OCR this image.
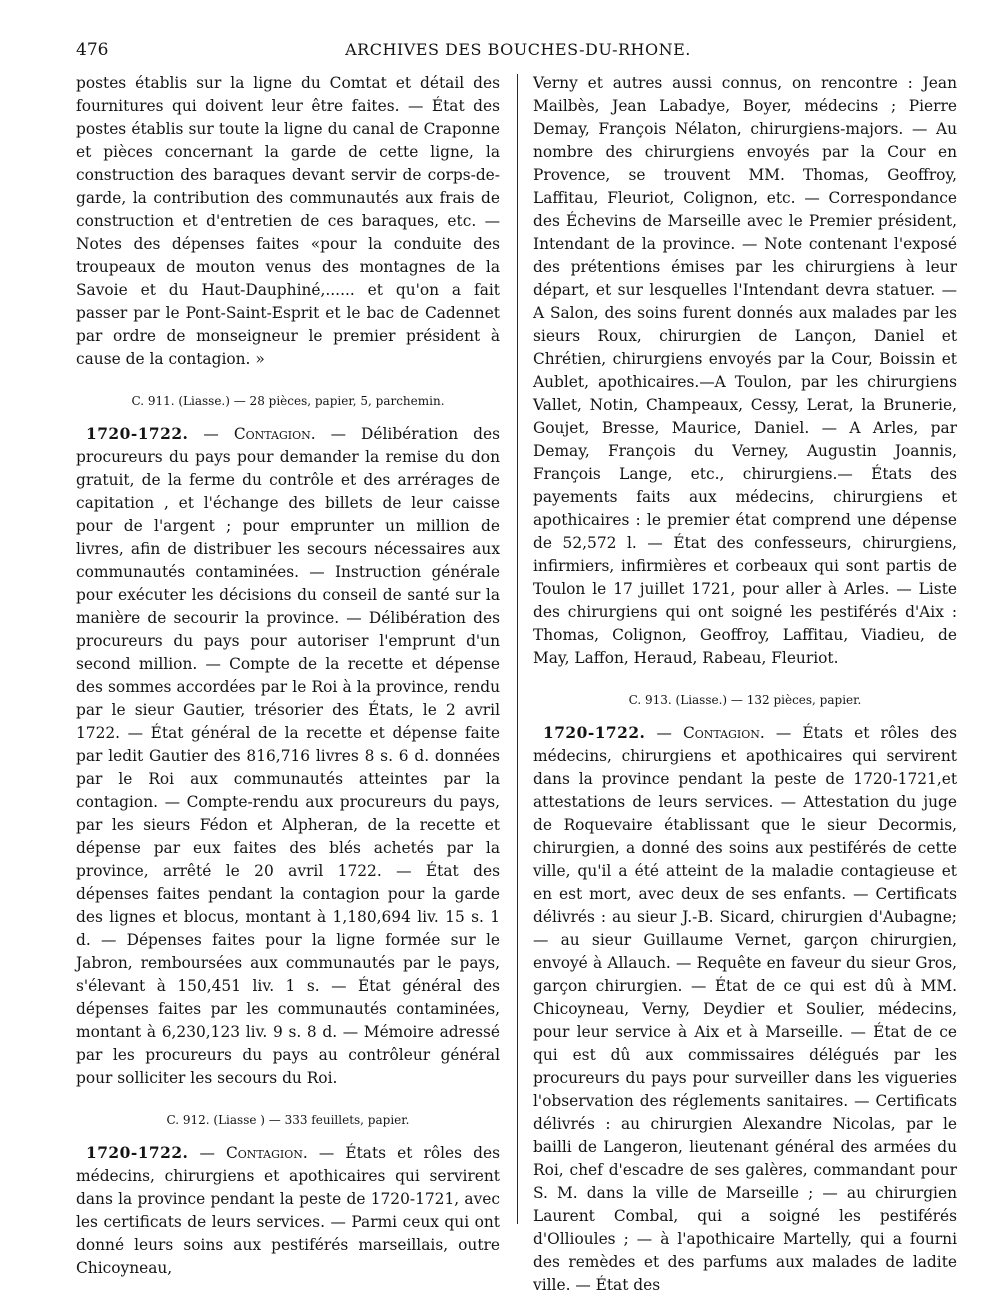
476	ARCHIVES DES BOUCHES-DU-RHONE.

postes établis sur la ligne du Comtat et détail des fournitures qui doivent leur être faites. — État des postes établis sur toute la ligne du canal de Craponne et pièces concernant la garde de cette ligne, la construction des baraques devant servir de corps-de-garde, la contribution des communautés aux frais de construction et d'entretien de ces baraques, etc. — Notes des dépenses faites «pour la conduite des troupeaux de mouton venus des montagnes de la Savoie et du Haut-Dauphiné,...... et qu'on a fait passer par le Pont-Saint-Esprit et le bac de Cadennet par ordre de monseigneur le premier président à cause de la contagion. »

C. 911. (Liasse.) — 28 pièces, papier, 5, parchemin.

1720-1722. — Contagion. — Délibération des procureurs du pays pour demander la remise du don gratuit, de la ferme du contrôle et des arrérages de capitation , et l'échange des billets de leur caisse pour de l'argent ; pour emprunter un million de livres, afin de distribuer les secours nécessaires aux communautés contaminées. — Instruction générale pour exécuter les décisions du conseil de santé sur la manière de secourir la province. — Délibération des procureurs du pays pour autoriser l'emprunt d'un second million. — Compte de la recette et dépense des sommes accordées par le Roi à la province, rendu par le sieur Gautier, trésorier des États, le 2 avril 1722. — État général de la recette et dépense faite par ledit Gautier des 816,716 livres 8 s. 6 d. données par le Roi aux communautés atteintes par la contagion. — Compte-rendu aux procureurs du pays, par les sieurs Fédon et Alpheran, de la recette et dépense par eux faites des blés achetés par la province, arrêté le 20 avril 1722. — État des dépenses faites pendant la contagion pour la garde des lignes et blocus, montant à 1,180,694 liv. 15 s. 1 d. — Dépenses faites pour la ligne formée sur le Jabron, remboursées aux communautés par le pays, s'élevant à 150,451 liv. 1 s. — État général des dépenses faites par les communautés contaminées, montant à 6,230,123 liv. 9 s. 8 d. — Mémoire adressé par les procureurs du pays au contrôleur général pour solliciter les secours du Roi.

C. 912. (Liasse ) — 333 feuillets, papier.

1720-1722. — Contagion. — États et rôles des médecins, chirurgiens et apothicaires qui servirent dans la province pendant la peste de 1720-1721, avec les certificats de leurs services. — Parmi ceux qui ont donné leurs soins aux pestiférés marseillais, outre Chicoyneau,

Verny et autres aussi connus, on rencontre : Jean Mailbès, Jean Labadye, Boyer, médecins ; Pierre Demay, François Nélaton, chirurgiens-majors. — Au nombre des chirurgiens envoyés par la Cour en Provence, se trouvent MM. Thomas, Geoffroy, Laffitau, Fleuriot, Colignon, etc. — Correspondance des Échevins de Marseille avec le Premier président, Intendant de la province. — Note contenant l'exposé des prétentions émises par les chirurgiens à leur départ, et sur lesquelles l'Intendant devra statuer. — A Salon, des soins furent donnés aux malades par les sieurs Roux, chirurgien de Lançon, Daniel et Chrétien, chirurgiens envoyés par la Cour, Boissin et Aublet, apothicaires.—A Toulon, par les chirurgiens Vallet, Notin, Champeaux, Cessy, Lerat, la Brunerie, Goujet, Bresse, Maurice, Daniel. — A Arles, par Demay, François du Verney, Augustin Joannis, François Lange, etc., chirurgiens.— États des payements faits aux médecins, chirurgiens et apothicaires : le premier état comprend une dépense de 52,572 l. — État des confesseurs, chirurgiens, infirmiers, infirmières et corbeaux qui sont partis de Toulon le 17 juillet 1721, pour aller à Arles. — Liste des chirurgiens qui ont soigné les pestiférés d'Aix : Thomas, Colignon, Geoffroy, Laffitau, Viadieu, de May, Laffon, Heraud, Rabeau, Fleuriot.

C. 913. (Liasse.) — 132 pièces, papier.

1720-1722. — Contagion. — États et rôles des médecins, chirurgiens et apothicaires qui servirent dans la province pendant la peste de 1720-1721,et attestations de leurs services. — Attestation du juge de Roquevaire établissant que le sieur Decormis, chirurgien, a donné des soins aux pestiférés de cette ville, qu'il a été atteint de la maladie contagieuse et en est mort, avec deux de ses enfants. — Certificats délivrés : au sieur J.-B. Sicard, chirurgien d'Aubagne; — au sieur Guillaume Vernet, garçon chirurgien, envoyé à Allauch. — Requête en faveur du sieur Gros, garçon chirurgien. — État de ce qui est dû à MM. Chicoyneau, Verny, Deydier et Soulier, médecins, pour leur service à Aix et à Marseille. — État de ce qui est dû aux commissaires délégués par les procureurs du pays pour surveiller dans les vigueries l'observation des réglements sanitaires. — Certificats délivrés : au chirurgien Alexandre Nicolas, par le bailli de Langeron, lieutenant général des armées du Roi, chef d'escadre de ses galères, commandant pour S. M. dans la ville de Marseille ; — au chirurgien Laurent Combal, qui a soigné les pestiférés d'Ollioules ; — à l'apothicaire Martelly, qui a fourni des remèdes et des parfums aux malades de ladite ville. — État des
